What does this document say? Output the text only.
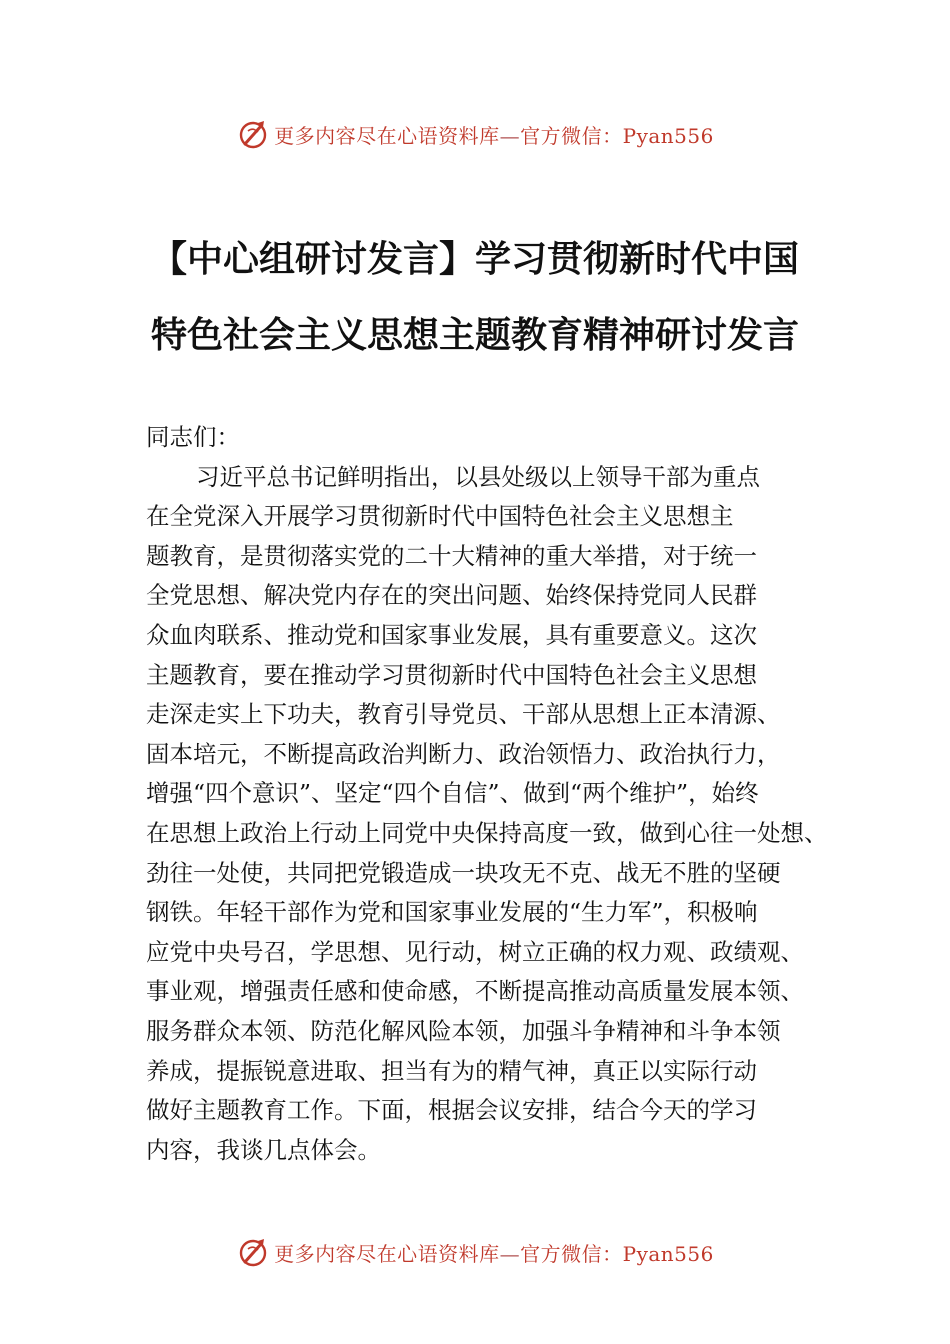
更多内容尽在心语资料库—官方微信：Pyan556
【中心组研讨发言】学习贯彻新时代中国
特色社会主义思想主题教育精神研讨发言
同志们：
习近平总书记鲜明指出，以县处级以上领导干部为重点
在全党深入开展学习贯彻新时代中国特色社会主义思想主
题教育，是贯彻落实党的二十大精神的重大举措，对于统一
全党思想、解决党内存在的突出问题、始终保持党同人民群
众血肉联系、推动党和国家事业发展，具有重要意义。这次
主题教育，要在推动学习贯彻新时代中国特色社会主义思想
走深走实上下功夫，教育引导党员、干部从思想上正本清源、
固本培元，不断提高政治判断力、政治领悟力、政治执行力，
增强“四个意识”、坚定“四个自信”、做到“两个维护”，始终
在思想上政治上行动上同党中央保持高度一致，做到心往一处想、
劲往一处使，共同把党锻造成一块攻无不克、战无不胜的坚硬
钢铁。年轻干部作为党和国家事业发展的“生力军”，积极响
应党中央号召，学思想、见行动，树立正确的权力观、政绩观、
事业观，增强责任感和使命感，不断提高推动高质量发展本领、
服务群众本领、防范化解风险本领，加强斗争精神和斗争本领
养成，提振锐意进取、担当有为的精气神，真正以实际行动
做好主题教育工作。下面，根据会议安排，结合今天的学习
内容，我谈几点体会。
更多内容尽在心语资料库—官方微信：Pyan556
